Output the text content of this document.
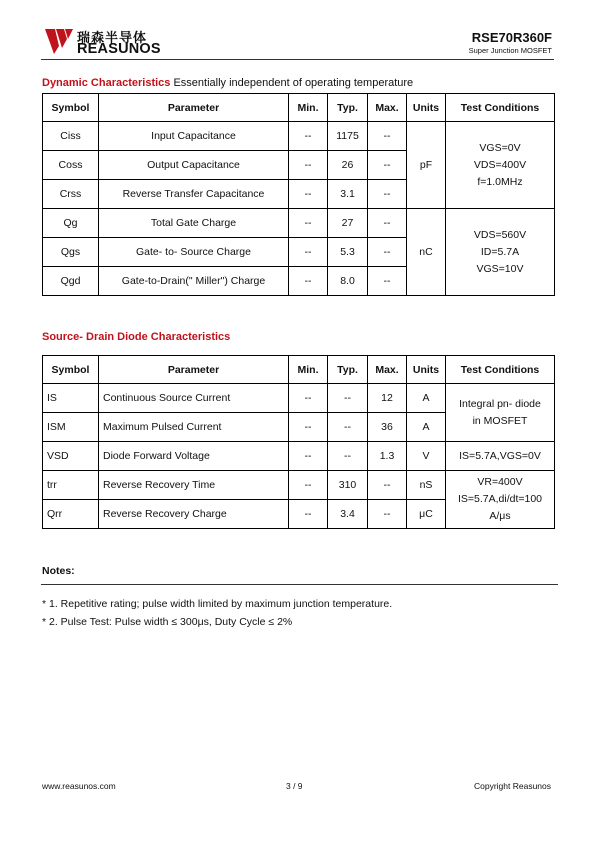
瑞森半导体
REASUNOS
RSE70R360F
Super Junction MOSFET
Dynamic Characteristics Essentially independent of operating temperature
Symbol	Parameter	Min.	Typ.	Max.	Units	Test Conditions
Ciss	Input Capacitance	--	1175	--	pF	VGS=0V
VDS=400V
f=1.0MHz

Coss	Output Capacitance	--	26	--		
Crss	Reverse Transfer Capacitance	--	3.1	--		
Qg	Total Gate Charge	--	27	--	nC	VDS=560V
ID=5.7A
VGS=10V

Qgs	Gate- to- Source Charge	--	5.3	--		
Qgd	Gate-to-Drain(" Miller") Charge	--	8.0	--		
Source- Drain Diode Characteristics
Symbol	Parameter	Min.	Typ.	Max.	Units	Test Conditions
IS	Continuous Source Current	--	--	12	A	Integral pn- diode
in MOSFET

ISM	Maximum Pulsed Current	--	--	36	A	
VSD	Diode Forward Voltage	--	--	1.3	V	IS=5.7A,VGS=0V
trr	Reverse Recovery Time	--	310	--	nS	VR=400V
IS=5.7A,di/dt=100
A/μs

Qrr	Reverse Recovery Charge	--	3.4	--	μC	
Notes:
* 1. Repetitive rating; pulse width limited by maximum junction temperature.
* 2. Pulse Test: Pulse width ≤ 300μs, Duty Cycle ≤ 2%
www.reasunos.com	3 / 9	Copyright Reasunos
